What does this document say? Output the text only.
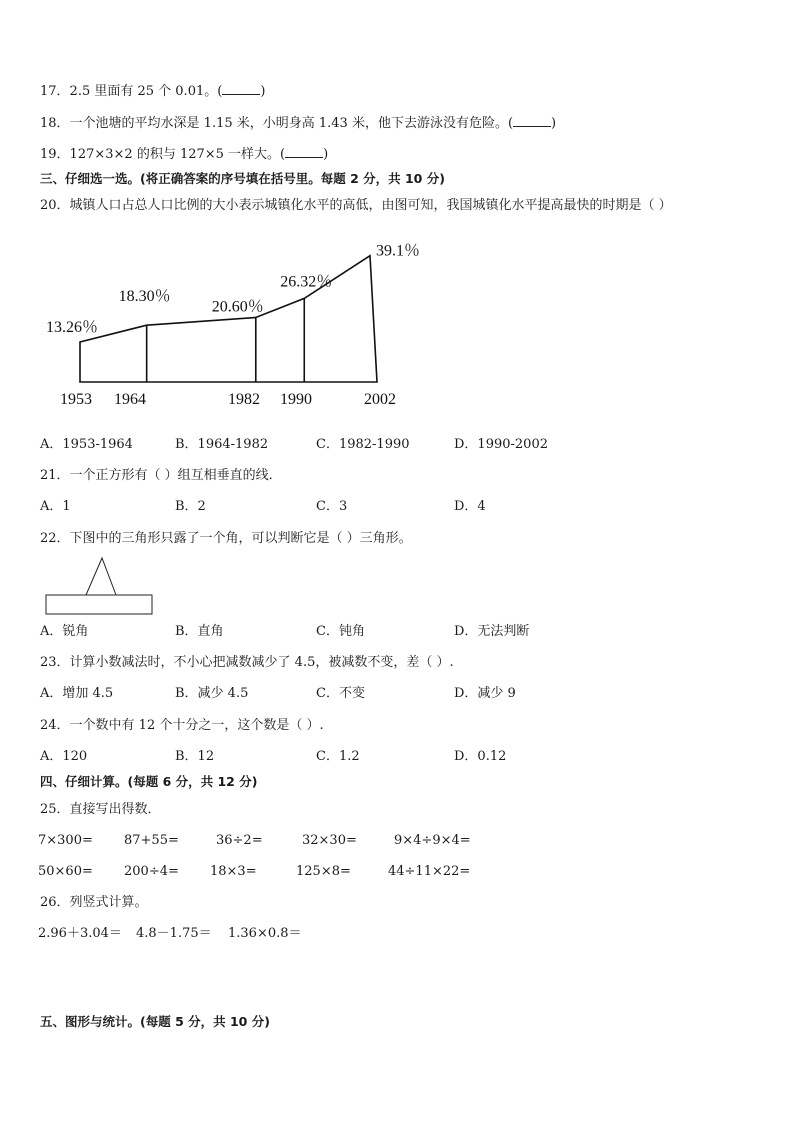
17．2.5 里面有 25 个 0.01。(	)
18．一个池塘的平均水深是 1.15 米，小明身高 1.43 米，他下去游泳没有危险。(	)
19．127×3×2 的积与 127×5 一样大。(	)
三、仔细选一选。(将正确答案的序号填在括号里。每题 2 分，共 10 分)
20．城镇人口占总人口比例的大小表示城镇化水平的高低，由图可知，我国城镇化水平提高最快的时期是（ ）
13.26％
18.30％
20.60％
26.32％
39.1％
1953 1964	1982 1990	2002
A．1953-1964	B．1964-1982	C．1982-1990	D．1990-2002
21．一个正方形有（ ）组互相垂直的线．
A．1	B．2	C．3	D．4
22．下图中的三角形只露了一个角，可以判断它是（ ）三角形。
A．锐角	B．直角	C．钝角	D．无法判断
23．计算小数减法时，不小心把减数减少了 4.5，被减数不变，差（ ）.
A．增加 4.5	B．减少 4.5	C．不变	D．减少 9
24．一个数中有 12 个十分之一，这个数是（ ）.
A．120	B．12	C．1.2	D．0.12
四、仔细计算。(每题 6 分，共 12 分)
25．直接写出得数．
7×300= 87+55=	36÷2=	32×30=	9×4÷9×4=
50×60= 200÷4= 18×3=	125×8=	44÷11×22=
26．列竖式计算。
2.96＋3.04＝ 4.8－1.75＝ 1.36×0.8＝
五、图形与统计。(每题 5 分，共 10 分)
